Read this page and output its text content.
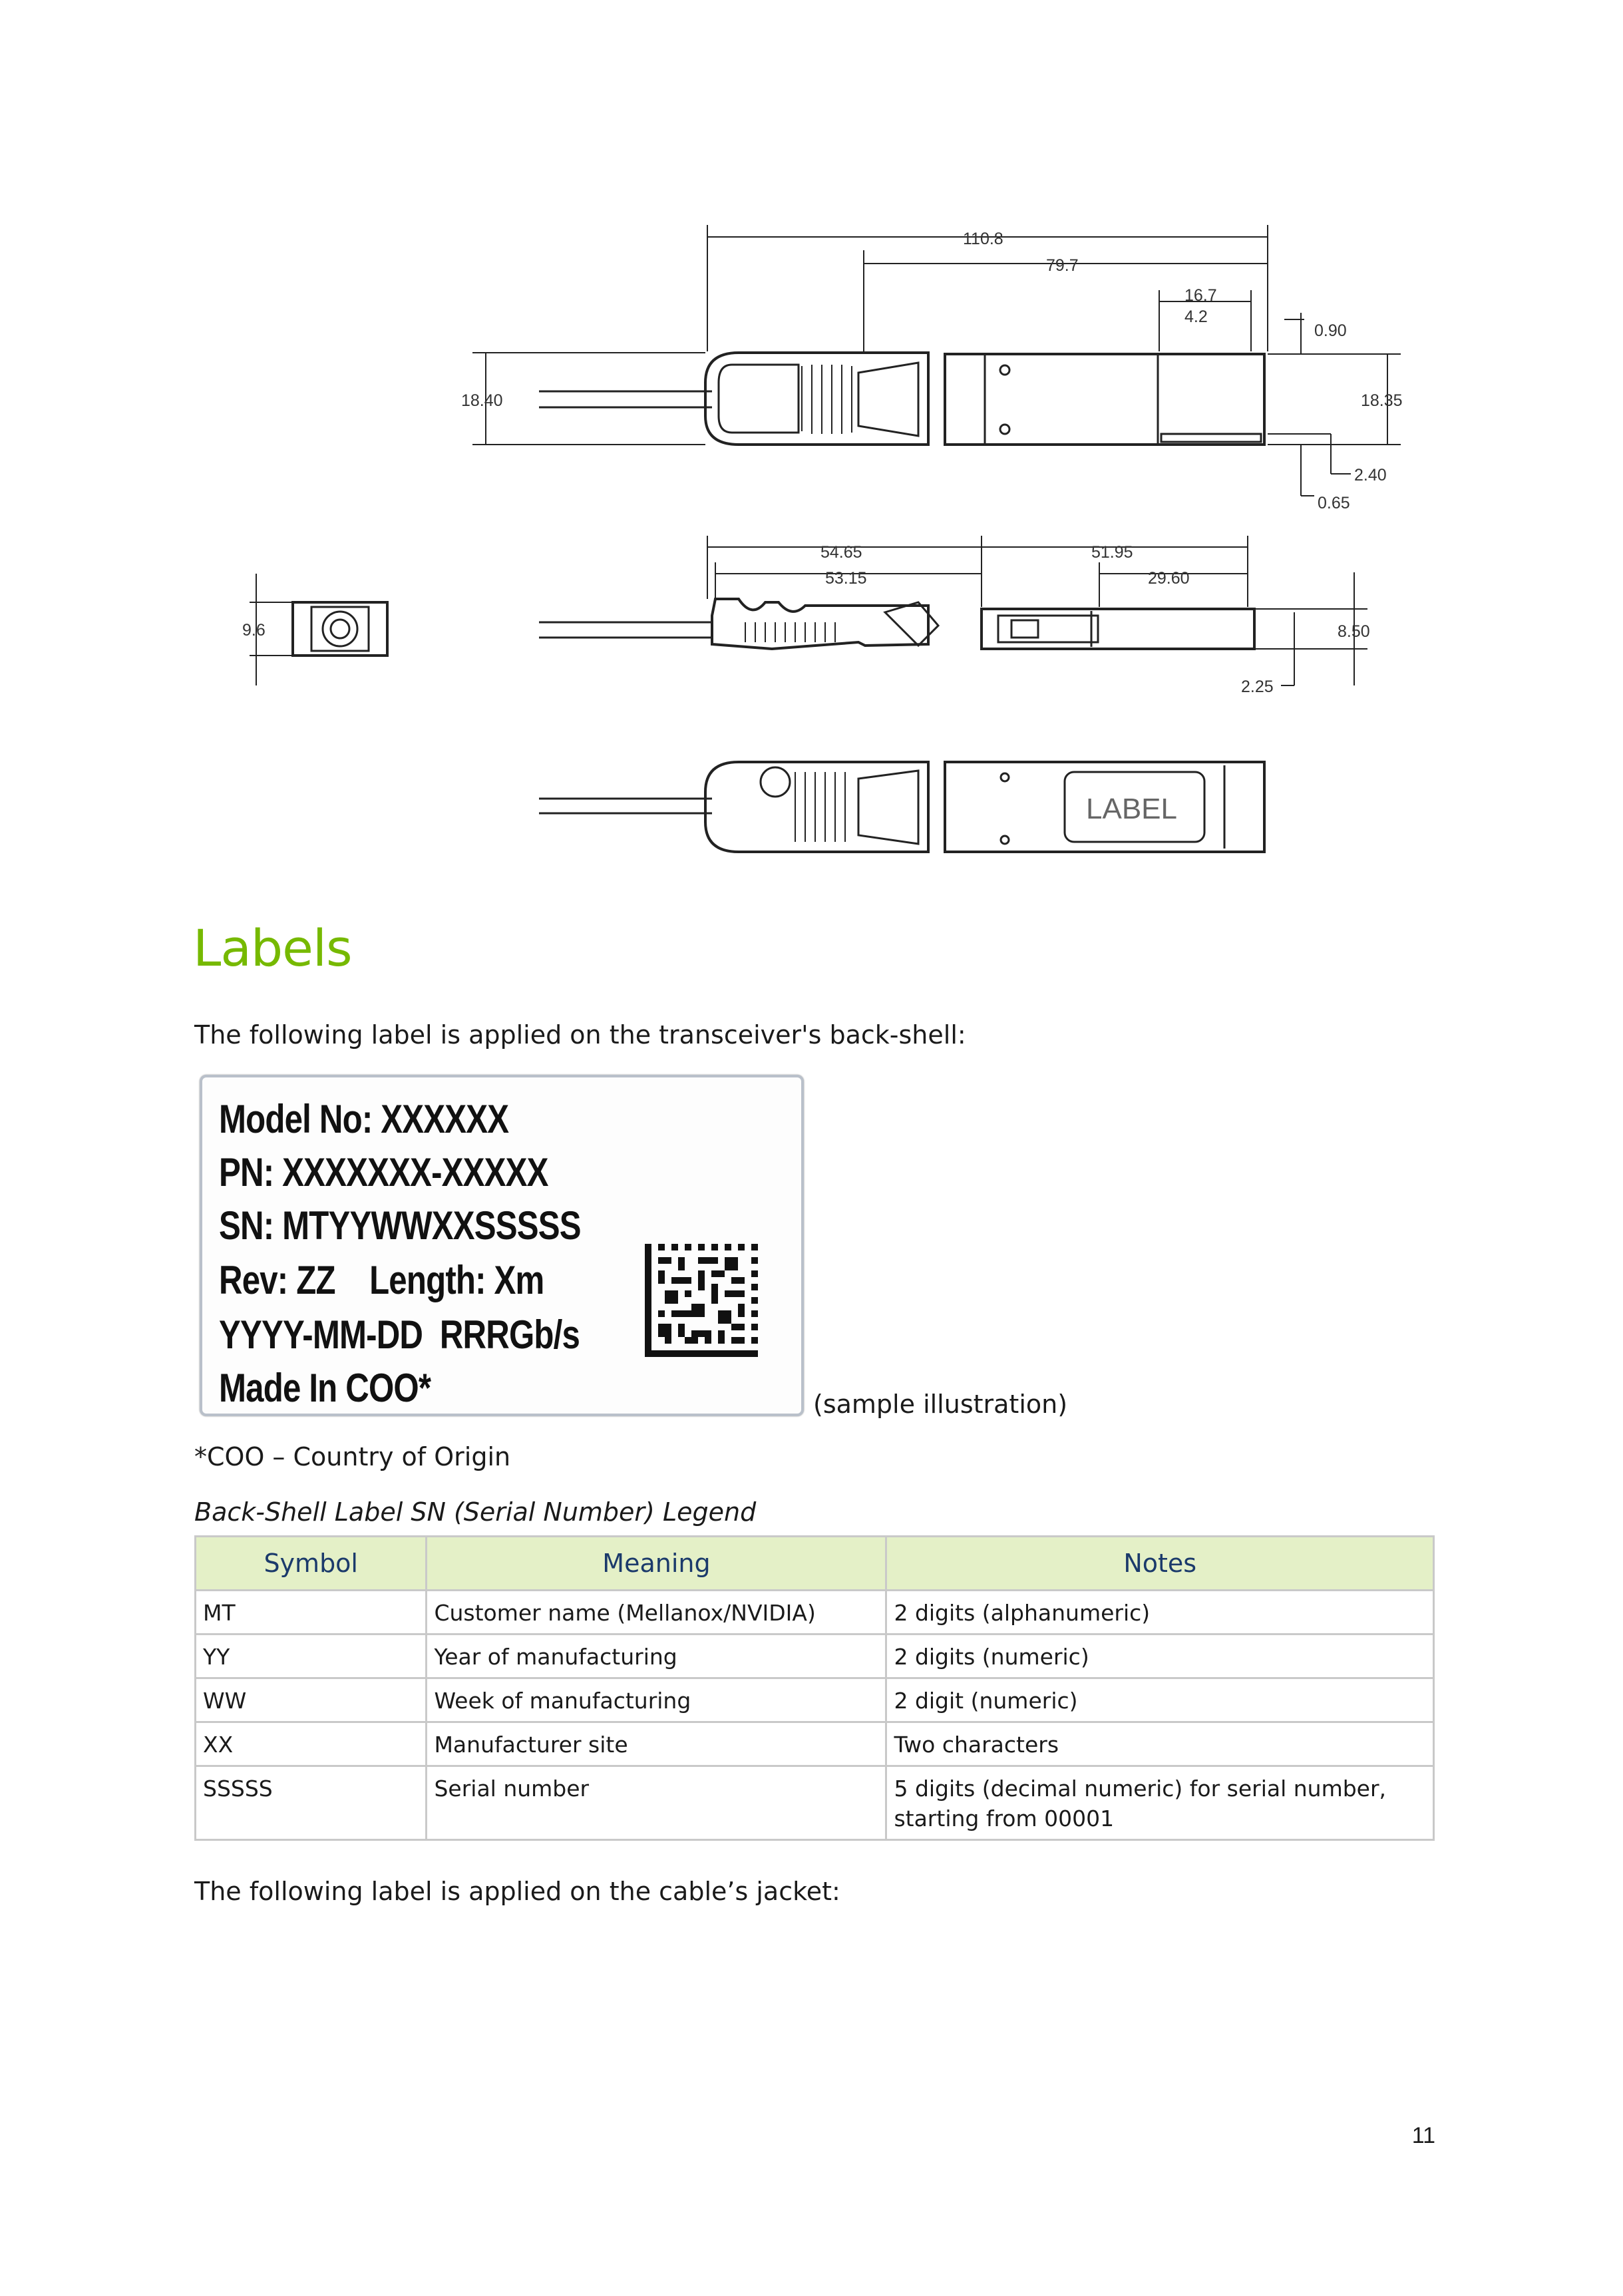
110.8
79.7
16.7
4.2
0.90
18.40	18.35
2.40
0.65
54.65
53.15
51.95
29.60
8.50
2.25
9.6
LABEL
Labels
The following label is applied on the transceiver's back-shell:
Model No: XXXXXX
PN: XXXXXXX-XXXXX
SN: MTYYWWXXSSSSS
Rev: ZZ    Length: Xm
YYYY-MM-DD  RRRGb/s
Made In COO*	(sample illustration)
*COO – Country of Origin
Back-Shell Label SN (Serial Number) Legend
Symbol	Meaning	Notes
MT	Customer name (Mellanox/NVIDIA)	2 digits (alphanumeric)
YY	Year of manufacturing	2 digits (numeric)
WW	Week of manufacturing	2 digit (numeric)
XX	Manufacturer site	Two characters
SSSSS	Serial number	5 digits (decimal numeric) for serial number, starting from 00001
The following label is applied on the cable’s jacket:
11
